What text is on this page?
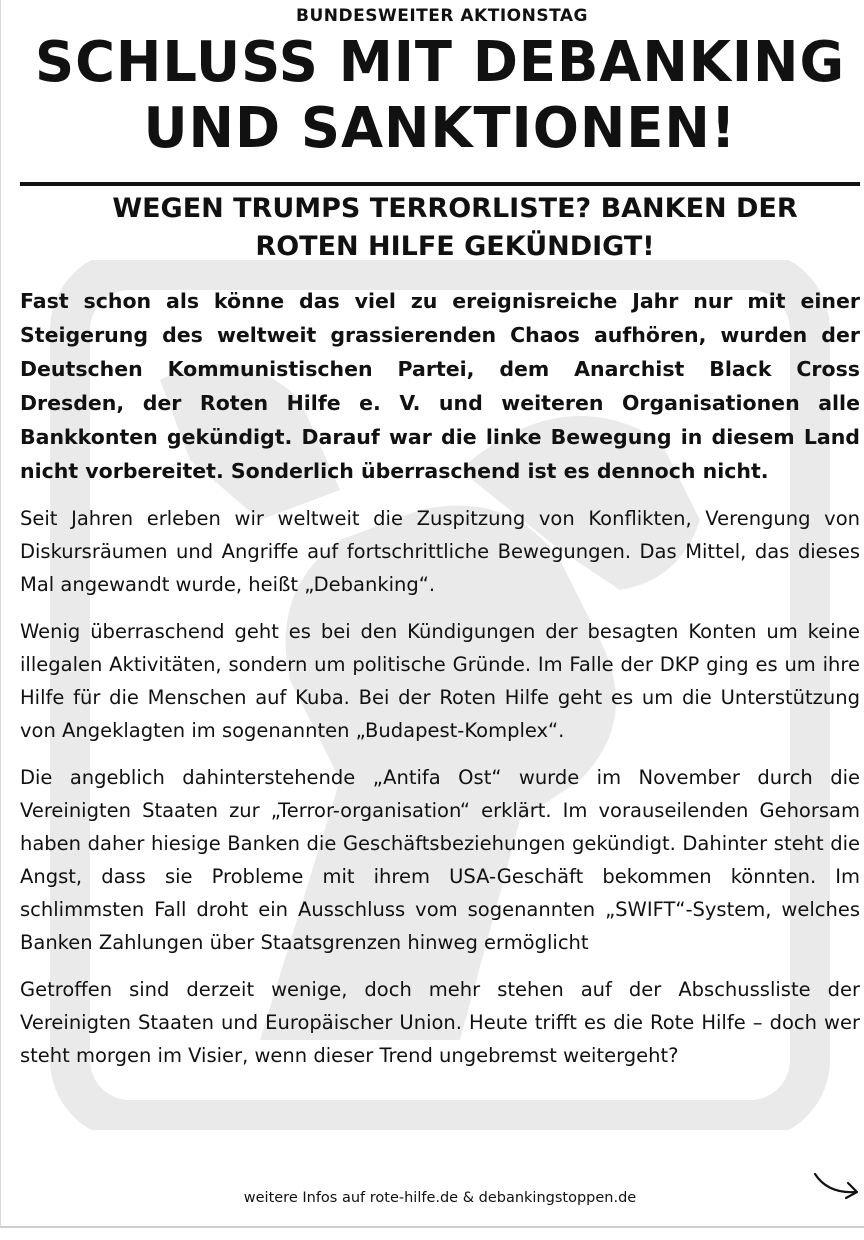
BUNDESWEITER AKTIONSTAG
SCHLUSS MIT DEBANKING
UND SANKTIONEN!
WEGEN TRUMPS TERRORLISTE? BANKEN DER
ROTEN HILFE GEKÜNDIGT!

Fast schon als könne das viel zu ereignisreiche Jahr nur mit einer Steigerung des weltweit grassierenden Chaos aufhören, wurden der Deutschen Kommunistischen Partei, dem Anarchist Black Cross Dresden, der Roten Hilfe e. V. und weiteren Organisationen alle Bankkonten gekündigt. Darauf war die linke Bewegung in diesem Land nicht vorbereitet. Sonderlich überraschend ist es dennoch nicht.

Seit Jahren erleben wir weltweit die Zuspitzung von Konflikten, Verengung von Diskursräumen und Angriffe auf fortschrittliche Bewegungen. Das Mittel, das dieses Mal angewandt wurde, heißt „Debanking“.

Wenig überraschend geht es bei den Kündigungen der besagten Konten um keine illegalen Aktivitäten, sondern um politische Gründe. Im Falle der DKP ging es um ihre Hilfe für die Menschen auf Kuba. Bei der Roten Hilfe geht es um die Unterstützung von Angeklagten im sogenannten „Budapest-Komplex“.

Die angeblich dahinterstehende „Antifa Ost“ wurde im November durch die Vereinigten Staaten zur „Terror-organisation“ erklärt. Im vorauseilenden Gehorsam haben daher hiesige Banken die Geschäftsbeziehungen gekündigt. Dahinter steht die Angst, dass sie Probleme mit ihrem USA-Geschäft bekommen könnten. Im schlimmsten Fall droht ein Ausschluss vom sogenannten „SWIFT“-System, welches Banken Zahlungen über Staatsgrenzen hinweg ermöglicht

Getroffen sind derzeit wenige, doch mehr stehen auf der Abschussliste der Vereinigten Staaten und Europäischer Union. Heute trifft es die Rote Hilfe – doch wer steht morgen im Visier, wenn dieser Trend ungebremst weitergeht?

weitere Infos auf rote-hilfe.de & debankingstoppen.de
